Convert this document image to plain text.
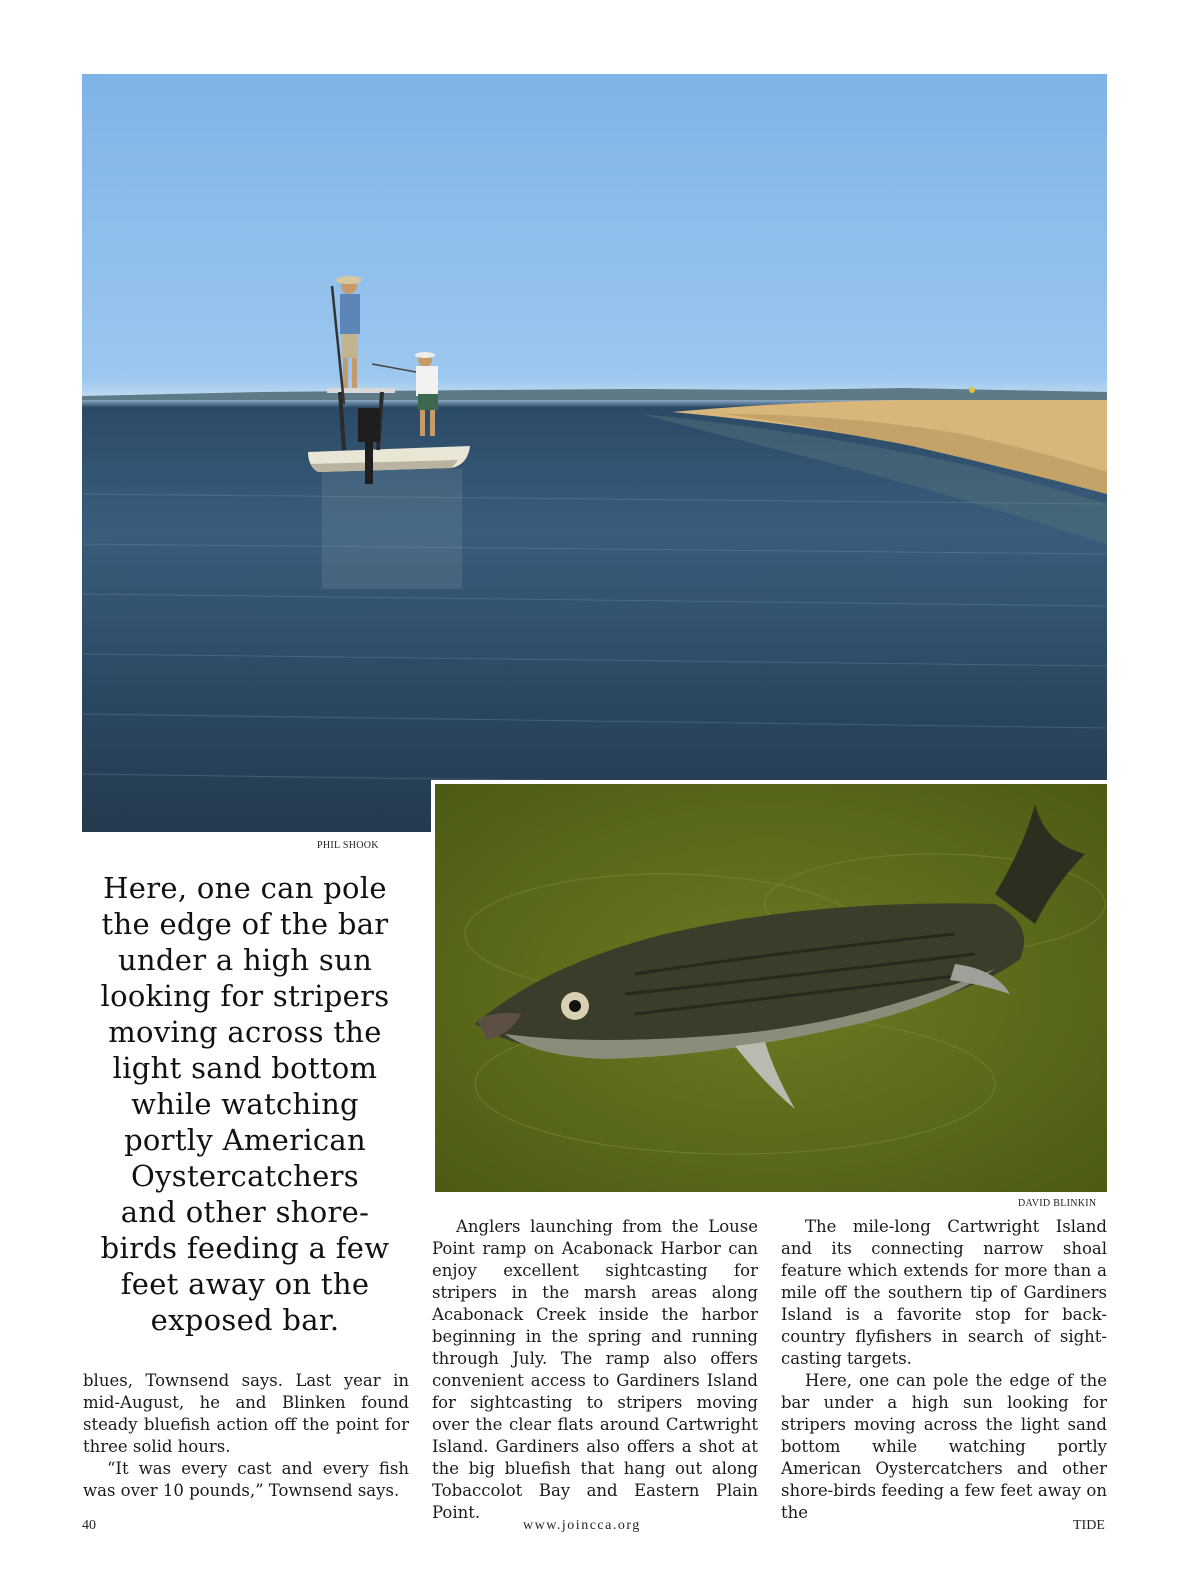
PHIL SHOOK
DAVID BLINKIN
Here, one can pole the edge of the bar under a high sun looking for stripers moving across the light sand bottom while watching portly American Oystercatchers and other shore-birds feeding a few feet away on the exposed bar.

blues, Townsend says. Last year in mid-August, he and Blinken found steady bluefish action off the point for three solid hours.

“It was every cast and every fish was over 10 pounds,” Townsend says.

Anglers launching from the Louse Point ramp on Acabonack Harbor can enjoy excellent sightcasting for stripers in the marsh areas along Acabonack Creek inside the harbor beginning in the spring and running through July. The ramp also offers convenient access to Gardiners Island for sightcasting to stripers moving over the clear flats around Cartwright Island. Gardiners also offers a shot at the big bluefish that hang out along Tobaccolot Bay and Eastern Plain Point.

The mile-long Cartwright Island and its connecting narrow shoal feature which extends for more than a mile off the southern tip of Gardiners Island is a favorite stop for back-country flyfishers in search of sight-casting targets.

Here, one can pole the edge of the bar under a high sun looking for stripers moving across the light sand bottom while watching portly American Oystercatchers and other shore-birds feeding a few feet away on the

40	www.joincca.org	TIDE
